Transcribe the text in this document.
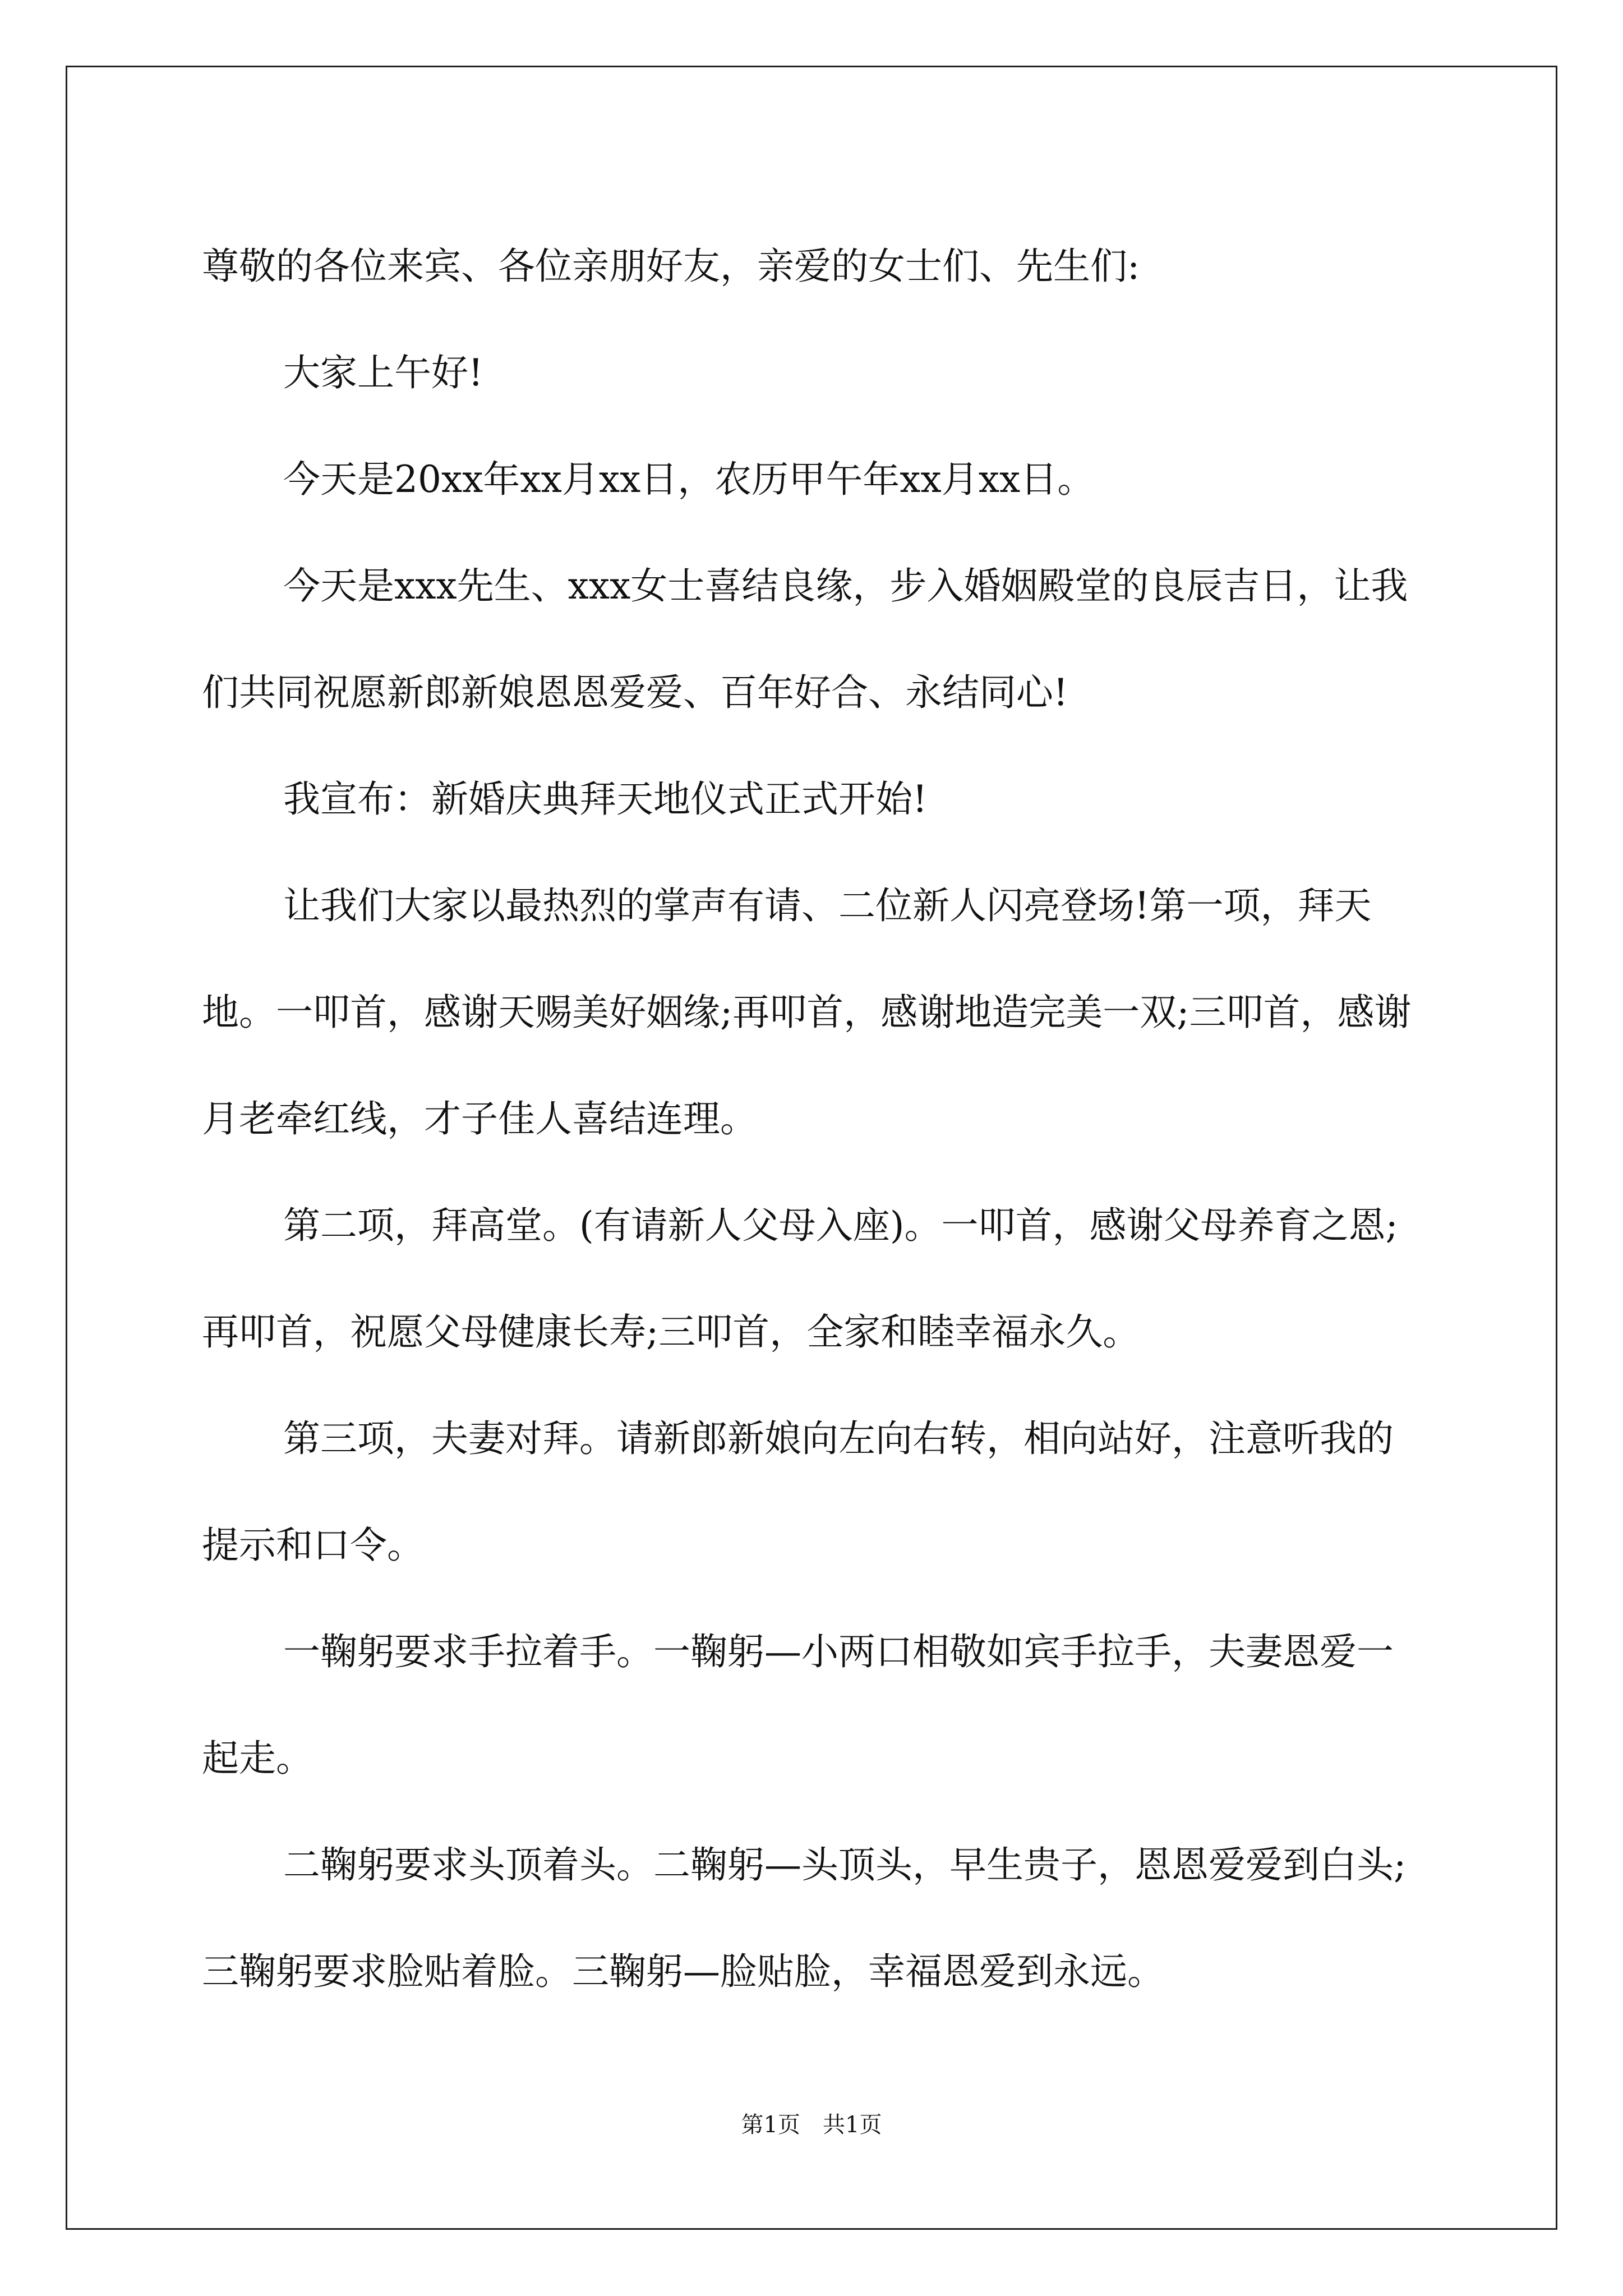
尊敬的各位来宾、各位亲朋好友，亲爱的女士们、先生们:

大家上午好!

今天是20xx年xx月xx日，农历甲午年xx月xx日。

今天是xxx先生、xxx女士喜结良缘，步入婚姻殿堂的良辰吉日，让我们共同祝愿新郎新娘恩恩爱爱、百年好合、永结同心!

我宣布：新婚庆典拜天地仪式正式开始!

让我们大家以最热烈的掌声有请、二位新人闪亮登场!第一项，拜天地。一叩首，感谢天赐美好姻缘;再叩首，感谢地造完美一双;三叩首，感谢月老牵红线，才子佳人喜结连理。

第二项，拜高堂。(有请新人父母入座)。一叩首，感谢父母养育之恩;再叩首，祝愿父母健康长寿;三叩首，全家和睦幸福永久。

第三项，夫妻对拜。请新郎新娘向左向右转，相向站好，注意听我的提示和口令。

一鞠躬要求手拉着手。一鞠躬—小两口相敬如宾手拉手，夫妻恩爱一起走。

二鞠躬要求头顶着头。二鞠躬—头顶头，早生贵子，恩恩爱爱到白头;三鞠躬要求脸贴着脸。三鞠躬—脸贴脸，幸福恩爱到永远。

第1页 共1页
